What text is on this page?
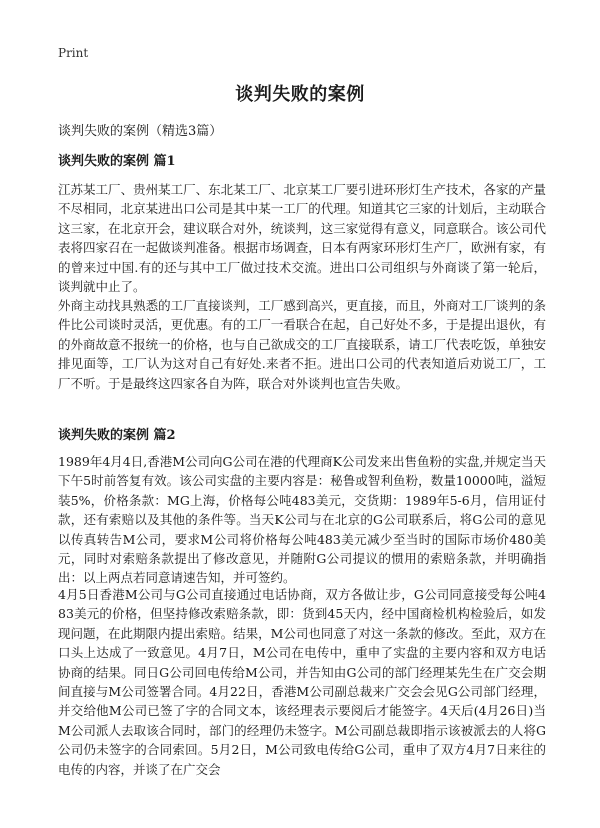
Print
谈判失败的案例

谈判失败的案例（精选3篇）

谈判失败的案例 篇1

江苏某工厂、贵州某工厂、东北某工厂、北京某工厂要引进环形灯生产技术，各家的产量不尽相同，北京某进出口公司是其中某一工厂的代理。知道其它三家的计划后，主动联合这三家，在北京开会，建议联合对外，统谈判，这三家觉得有意义，同意联合。该公司代表将四家召在一起做谈判准备。根据市场调查，日本有两家环形灯生产厂，欧洲有家，有的曾来过中国.有的还与其中工厂做过技术交流。进出口公司组织与外商谈了第一轮后，谈判就中止了。

外商主动找具熟悉的工厂直接谈判，工厂感到高兴，更直接，而且，外商对工厂谈判的条件比公司谈时灵活，更优惠。有的工厂一看联合在起，自己好处不多，于是提出退伙，有的外商故意不报统一的价格，也与自己欲成交的工厂直接联系，请工厂代表吃饭，单独安排见面等，工厂认为这对自己有好处.来者不拒。进出口公司的代表知道后劝说工厂，工厂不听。于是最终这四家各自为阵，联合对外谈判也宣告失败。

谈判失败的案例 篇2

1989年4月4日,香港M公司向G公司在港的代理商K公司发来出售鱼粉的实盘,并规定当天下午5时前答复有效。该公司实盘的主要内容是：秘鲁或智利鱼粉，数量10000吨，溢短装5%，价格条款：MG上海，价格每公吨483美元，交货期：1989年5-6月，信用证付款，还有索赔以及其他的条件等。当天K公司与在北京的G公司联系后，将G公司的意见以传真转告M公司，要求M公司将价格每公吨483美元减少至当时的国际市场价480美元，同时对索赔条款提出了修改意见，并随附G公司提议的惯用的索赔条款，并明确指出：以上两点若同意请速告知，并可签约。

4月5日香港M公司与G公司直接通过电话协商，双方各做让步，G公司同意接受每公吨483美元的价格，但坚持修改索赔条款，即：货到45天内，经中国商检机构检验后，如发现问题，在此期限内提出索赔。结果，M公司也同意了对这一条款的修改。至此，双方在口头上达成了一致意见。4月7日，M公司在电传中，重申了实盘的主要内容和双方电话协商的结果。同日G公司回电传给M公司，并告知由G公司的部门经理某先生在广交会期间直接与M公司签署合同。4月22日，香港M公司副总裁来广交会会见G公司部门经理，并交给他M公司已签了字的合同文本，该经理表示要阅后才能签字。4天后(4月26日)当M公司派人去取该合同时，部门的经理仍未签字。M公司副总裁即指示该被派去的人将G公司仍未签字的合同索回。5月2日，M公司致电传给G公司，重申了双方4月7日来往的电传的内容，并谈了在广交会
